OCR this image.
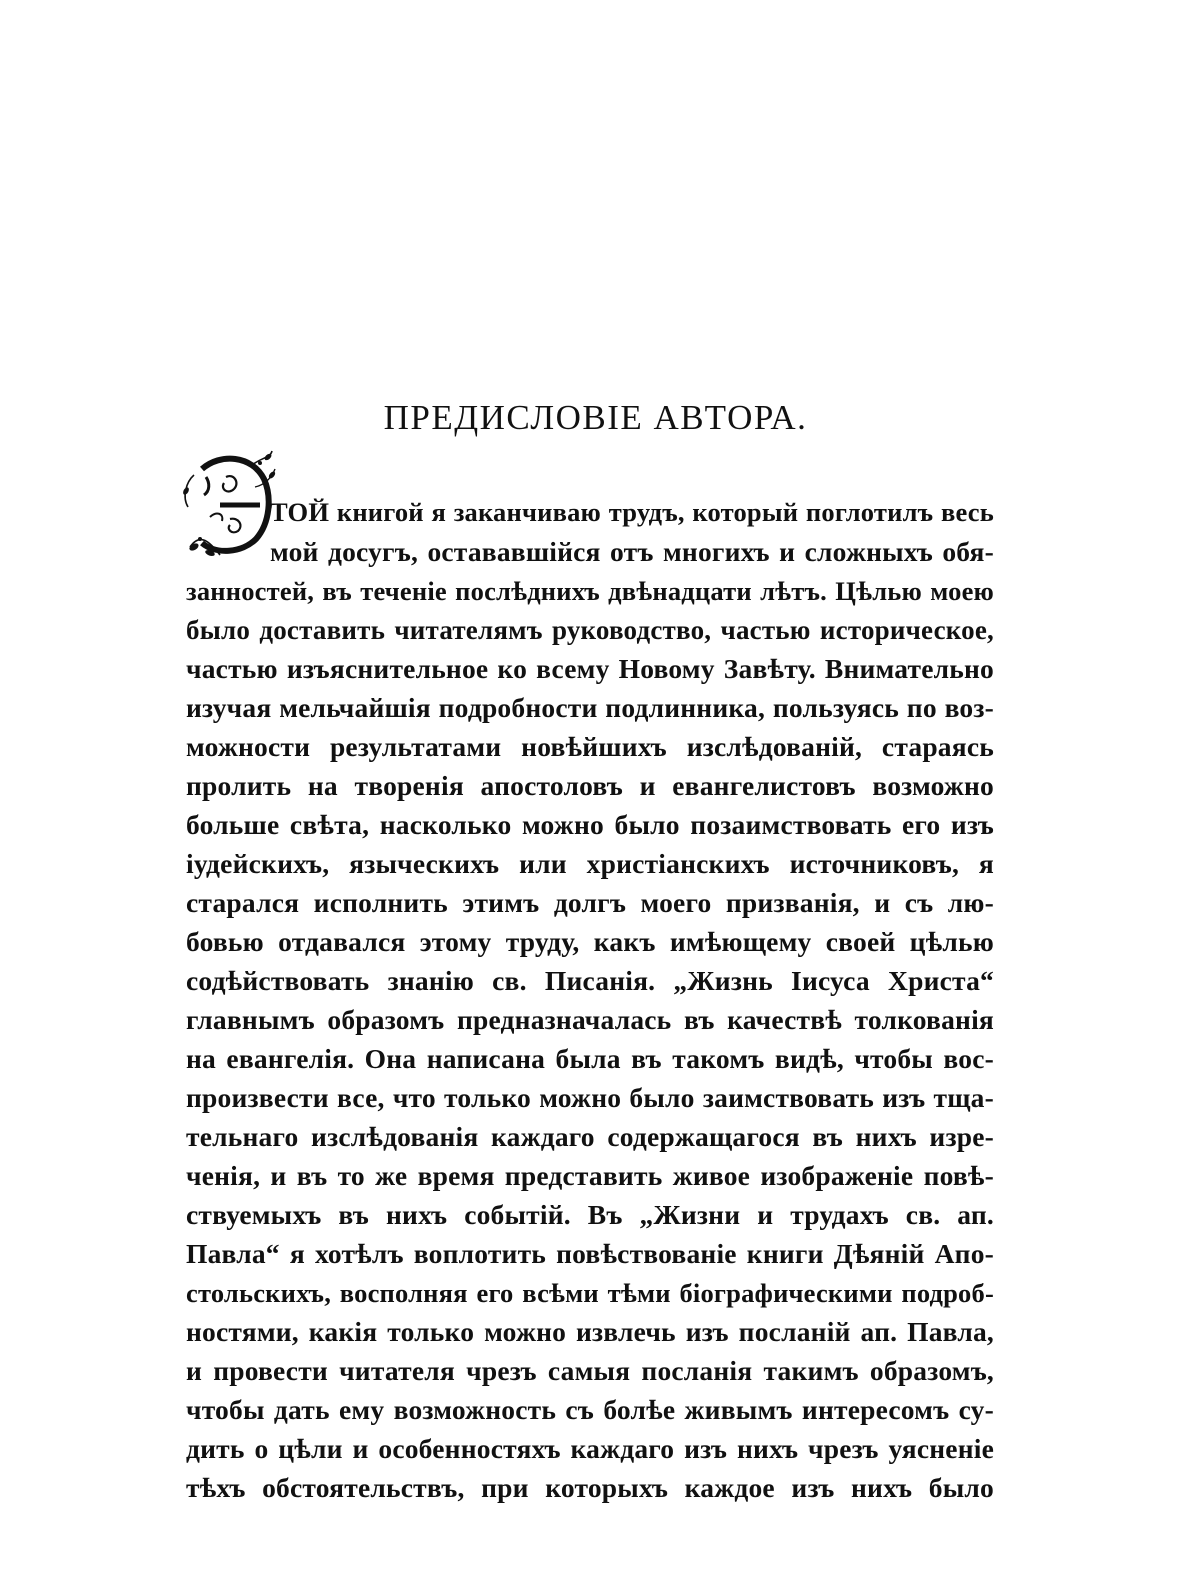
ПРЕДИСЛОВІЕ АВТОРА.
ТОЙ книгой я заканчиваю трудъ, который поглотилъ весь
мой досугъ, остававшійся отъ многихъ и сложныхъ обя-
занностей, въ теченіе послѣднихъ двѣнадцати лѣтъ. Цѣлью моею
было доставить читателямъ руководство, частью историческое,
частью изъяснительное ко всему Новому Завѣту. Внимательно
изучая мельчайшія подробности подлинника, пользуясь по воз-
можности результатами новѣйшихъ изслѣдованій, стараясь
пролить на творенія апостоловъ и евангелистовъ возможно
больше свѣта, насколько можно было позаимствовать его изъ
іудейскихъ, языческихъ или христіанскихъ источниковъ, я
старался исполнить этимъ долгъ моего призванія, и съ лю-
бовью отдавался этому труду, какъ имѣющему своей цѣлью
содѣйствовать знанію св. Писанія. „Жизнь Іисуса Христа“
главнымъ образомъ предназначалась въ качествѣ толкованія
на евангелія. Она написана была въ такомъ видѣ, чтобы вос-
произвести все, что только можно было заимствовать изъ тща-
тельнаго изслѣдованія каждаго содержащагося въ нихъ изре-
ченія, и въ то же время представить живое изображеніе повѣ-
ствуемыхъ въ нихъ событій. Въ „Жизни и трудахъ св. ап.
Павла“ я хотѣлъ воплотить повѣствованіе книги Дѣяній Апо-
стольскихъ, восполняя его всѣми тѣми біографическими подроб-
ностями, какія только можно извлечь изъ посланій ап. Павла,
и провести читателя чрезъ самыя посланія такимъ образомъ,
чтобы дать ему возможность съ болѣе живымъ интересомъ су-
дить о цѣли и особенностяхъ каждаго изъ нихъ чрезъ уясненіе
тѣхъ обстоятельствъ, при которыхъ каждое изъ нихъ было
